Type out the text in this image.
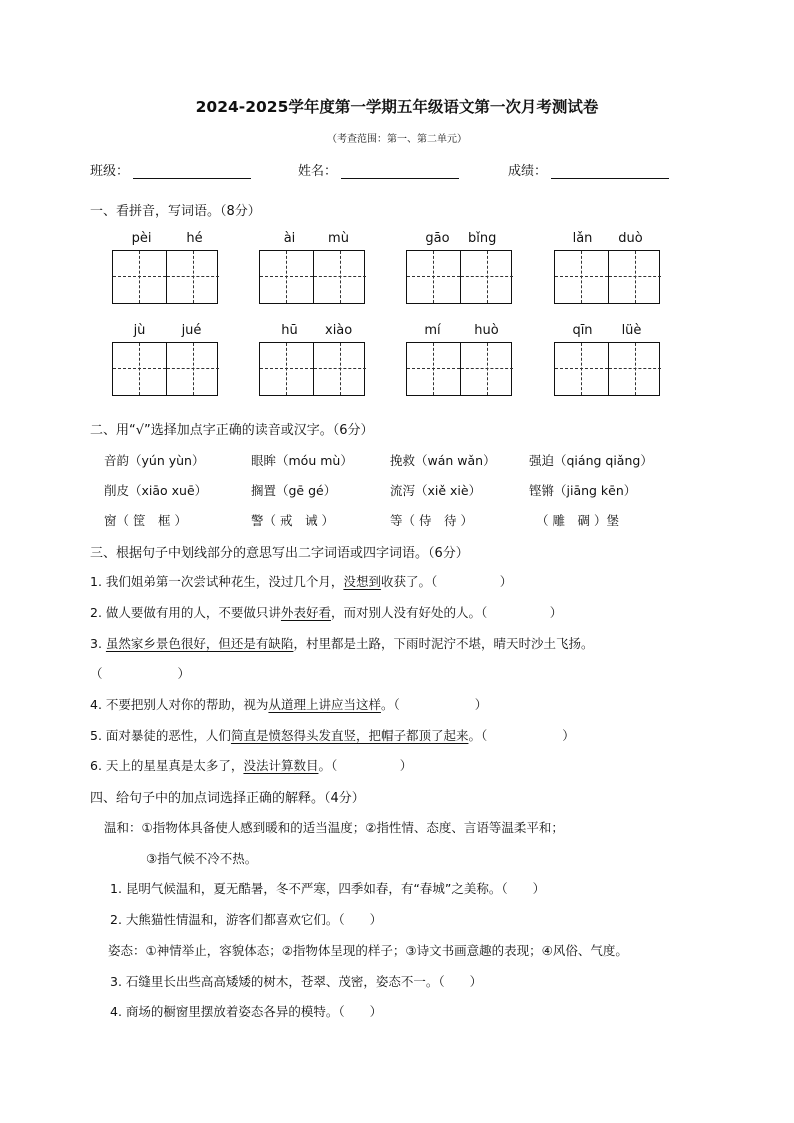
2024-2025学年度第一学期五年级语文第一次月考测试卷
（考查范围：第一、第二单元）
班级：	姓名：	成绩：
一、看拼音，写词语。（8分）
pèi	hé	ài	mù	gāo bǐng	lǎn duò
jù	jué	hū	xiào	mí	huò	qīn lüè
二、用“√”选择加点字正确的读音或汉字。（6分）
音韵（yún yùn）	眼眸（móu mù）	挽救（wán wǎn）	强迫（qiáng qiǎng）
削皮（xiāo xuē）	搁置（gē gé）	流泻（xiě xiè）	铿锵（jiāng kēn）
窗（ 筐　框 ）	警（ 戒　诫 ）	等（ 侍　待 ）	（ 雕　碉 ）堡
三、根据句子中划线部分的意思写出二字词语或四字词语。（6分）
1. 我们姐弟第一次尝试种花生，没过几个月，没想到收获了。（　　　　　）
2. 做人要做有用的人，不要做只讲外表好看，而对别人没有好处的人。（　　　　　）
3. 虽然家乡景色很好，但还是有缺陷，村里都是土路，下雨时泥泞不堪，晴天时沙土飞扬。
（　　　　　　）
4. 不要把别人对你的帮助，视为从道理上讲应当这样。（　　　　　　）
5. 面对暴徒的恶性，人们简直是愤怒得头发直竖，把帽子都顶了起来。（　　　　　　）
6. 天上的星星真是太多了，没法计算数目。（　　　　　）
四、给句子中的加点词选择正确的解释。（4分）
温和：①指物体具备使人感到暖和的适当温度；②指性情、态度、言语等温柔平和；
③指气候不冷不热。
1. 昆明气候温和，夏无酷暑，冬不严寒，四季如春，有“春城”之美称。（　　）
2. 大熊猫性情温和，游客们都喜欢它们。（　　）
姿态：①神情举止，容貌体态；②指物体呈现的样子；③诗文书画意趣的表现；④风俗、气度。
3. 石缝里长出些高高矮矮的树木，苍翠、茂密，姿态不一。（　　）
4. 商场的橱窗里摆放着姿态各异的模特。（　　）
